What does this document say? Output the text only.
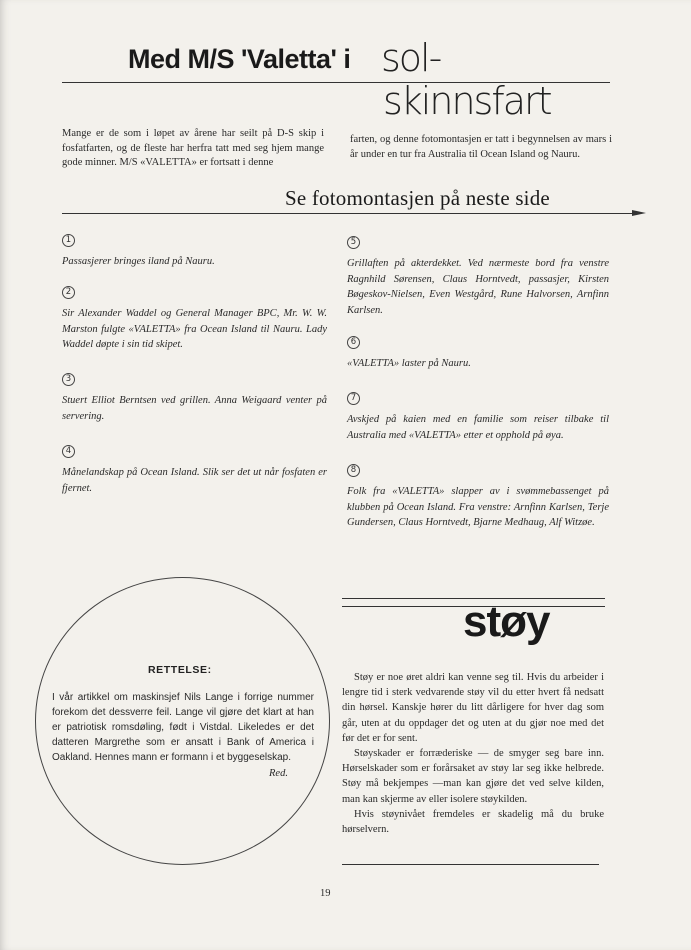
Med M/S 'Valetta' i sol-
skinnsfart
Mange er de som i løpet av årene har seilt på D-S skip i fosfatfarten, og de fleste har herfra tatt med seg hjem mange gode minner. M/S «VALETTA» er fortsatt i denne
farten, og denne fotomontasjen er tatt i begynnelsen av mars i år under en tur fra Australia til Ocean Island og Nauru.
Se fotomontasjen på neste side
1
Passasjerer bringes iland på Nauru.
2
Sir Alexander Waddel og General Manager BPC, Mr. W. W. Marston fulgte «VALETTA» fra Ocean Island til Nauru. Lady Waddel døpte i sin tid skipet.
3
Stuert Elliot Berntsen ved grillen. Anna Weigaard venter på servering.
4
Månelandskap på Ocean Island. Slik ser det ut når fosfaten er fjernet.
5
Grillaften på akterdekket. Ved nærmeste bord fra venstre Ragnhild Sørensen, Claus Horntvedt, passasjer, Kirsten Bøgeskov-Nielsen, Even Westgård, Rune Halvorsen, Arnfinn Karlsen.
6
«VALETTA» laster på Nauru.
7
Avskjed på kaien med en familie som reiser tilbake til Australia med «VALETTA» etter et opphold på øya.
8
Folk fra «VALETTA» slapper av i svømmebassenget på klubben på Ocean Island. Fra venstre: Arnfinn Karlsen, Terje Gundersen, Claus Horntvedt, Bjarne Medhaug, Alf Witzøe.
RETTELSE:
I vår artikkel om maskinsjef Nils Lange i forrige nummer forekom det dessverre feil. Lange vil gjøre det klart at han er patriotisk romsdøling, født i Vistdal. Likeledes er det datteren Margrethe som er ansatt i Bank of America i Oakland. Hennes mann er formann i et byggeselskap.
Red.
støy

Støy er noe øret aldri kan venne seg til. Hvis du arbeider i lengre tid i sterk vedvarende støy vil du etter hvert få nedsatt din hørsel. Kanskje hører du litt dårligere for hver dag som går, uten at du oppdager det og uten at du gjør noe med det før det er for sent.

Støyskader er forræderiske — de smyger seg bare inn. Hørselskader som er forårsaket av støy lar seg ikke helbrede. Støy må bekjempes —man kan gjøre det ved selve kilden, man kan skjerme av eller isolere støykilden.

Hvis støynivået fremdeles er skadelig må du bruke hørselvern.

19
